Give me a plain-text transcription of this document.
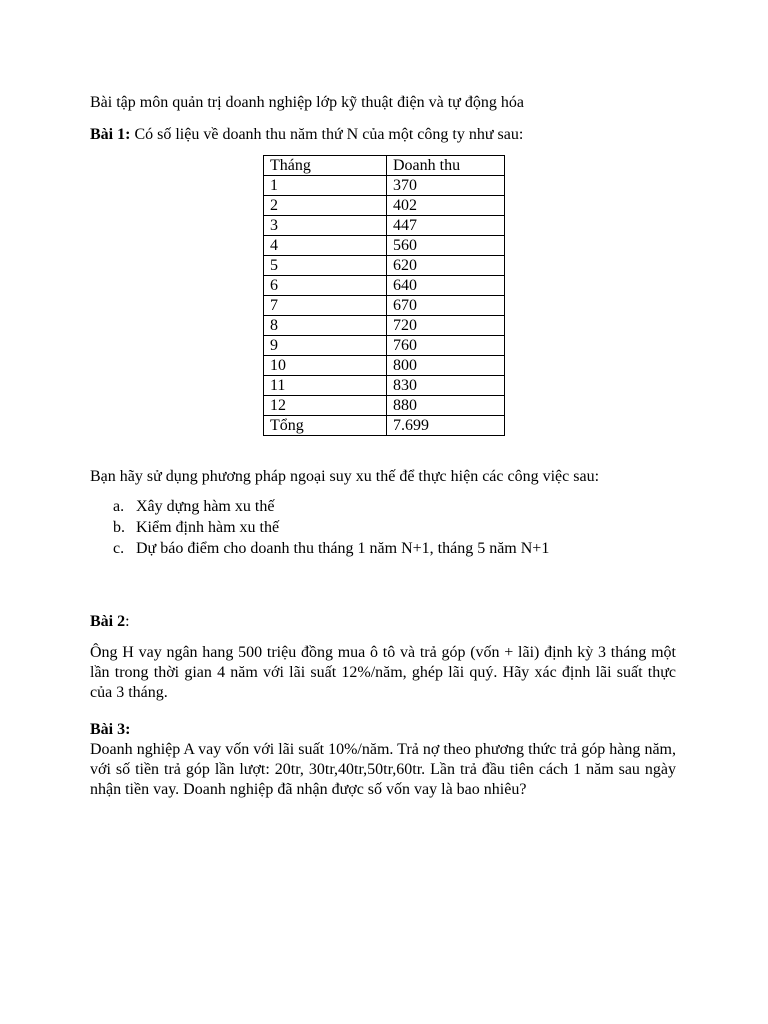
Bài tập môn quản trị doanh nghiệp lớp kỹ thuật điện và tự động hóa

Bài 1: Có số liệu về doanh thu năm thứ N của một công ty như sau:

Tháng	Doanh thu
1	370
2	402
3	447
4	560
5	620
6	640
7	670
8	720
9	760
10	800
11	830
12	880
Tổng	7.699

Bạn hãy sử dụng phương pháp ngoại suy xu thế để thực hiện các công việc sau:

a. Xây dựng hàm xu thế
b. Kiểm định hàm xu thế
c. Dự báo điểm cho doanh thu tháng 1 năm N+1, tháng 5 năm N+1

Bài 2:

Ông H vay ngân hang 500 triệu đồng mua ô tô và trả góp (vốn + lãi) định kỳ 3 tháng một lần trong thời gian 4 năm với lãi suất 12%/năm, ghép lãi quý. Hãy xác định lãi suất thực của 3 tháng.

Bài 3:

Doanh nghiệp A vay vốn với lãi suất 10%/năm. Trả nợ theo phương thức trả góp hàng năm, với số tiền trả góp lần lượt: 20tr, 30tr,40tr,50tr,60tr. Lần trả đầu tiên cách 1 năm sau ngày nhận tiền vay. Doanh nghiệp đã nhận được số vốn vay là bao nhiêu?
